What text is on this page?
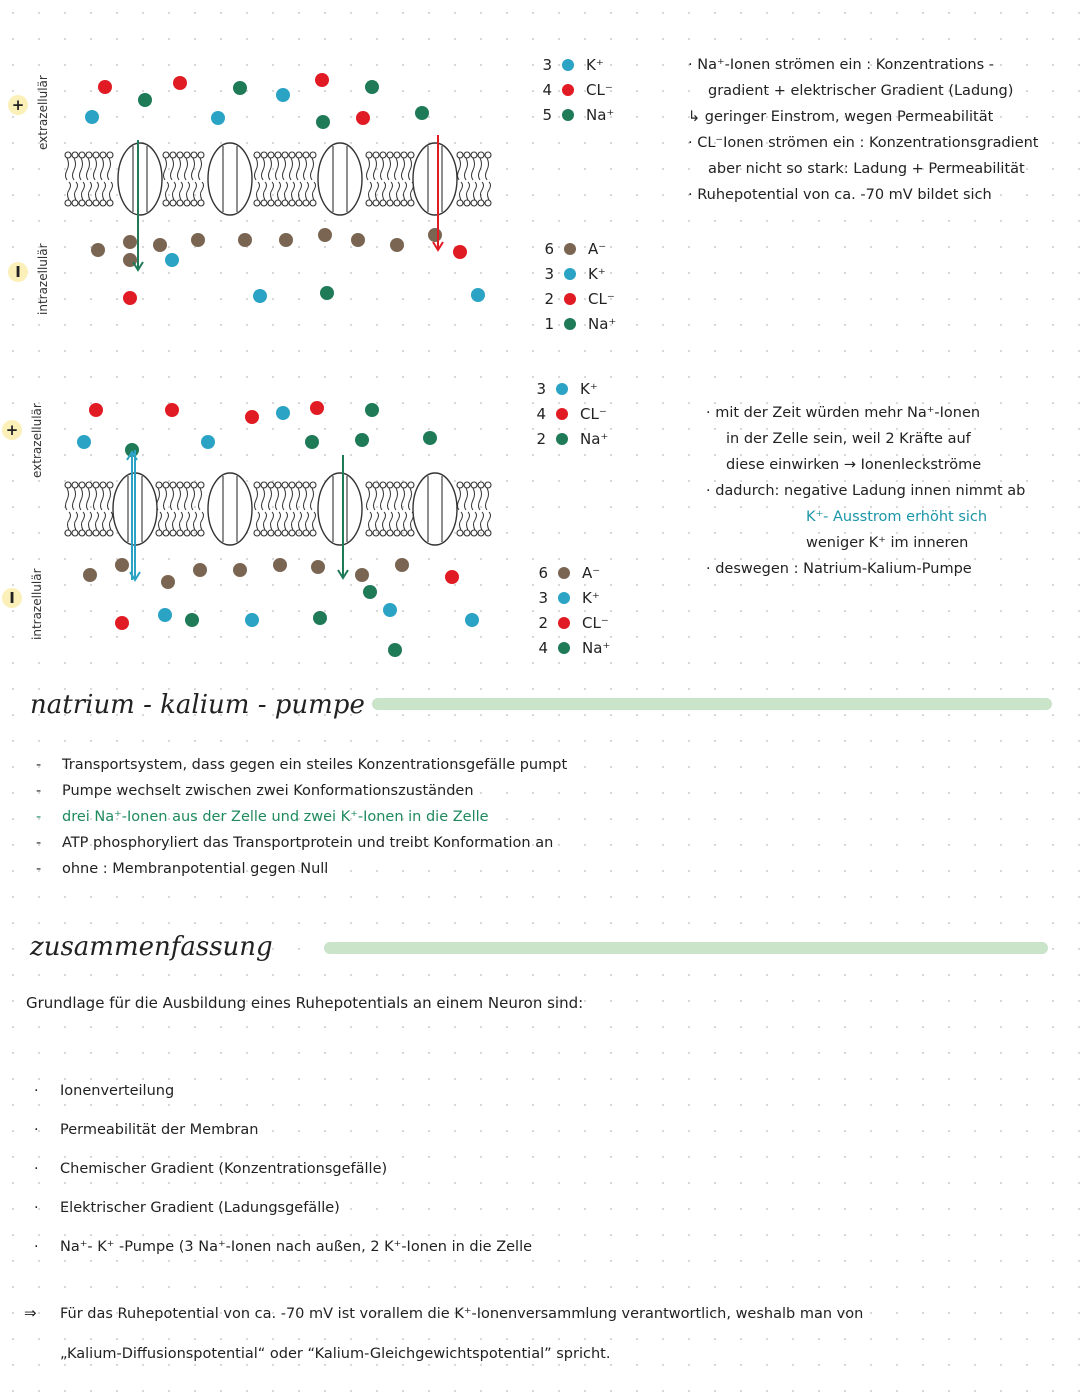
+ extrazellulär
I	intrazellulär
+ extrazellulär
I	intrazellulär
3 K⁺
4 CL⁻
5 Na⁺
6 A⁻
3 K⁺
2 CL⁻
1 Na⁺
3 K⁺
4 CL⁻
2 Na⁺
6 A⁻
3 K⁺
2 CL⁻
4 Na⁺
· Na⁺-Ionen strömen ein : Konzentrations -
gradient + elektrischer Gradient (Ladung)
↳ geringer Einstrom, wegen Permeabilität
· CL⁻Ionen strömen ein : Konzentrationsgradient
aber nicht so stark: Ladung + Permeabilität
· Ruhepotential von ca. -70 mV bildet sich
· mit der Zeit würden mehr Na⁺-Ionen
in der Zelle sein, weil 2 Kräfte auf
diese einwirken → Ionenleckströme
· dadurch: negative Ladung innen nimmt ab
K⁺- Ausstrom erhöht sich
weniger K⁺ im inneren
· deswegen : Natrium-Kalium-Pumpe
natrium - kalium - pumpe
- Transportsystem, dass gegen ein steiles Konzentrationsgefälle pumpt
- Pumpe wechselt zwischen zwei Konformationszuständen
- drei Na⁺-Ionen aus der Zelle und zwei K⁺-Ionen in die Zelle
- ATP phosphoryliert das Transportprotein und treibt Konformation an
- ohne : Membranpotential gegen Null
zusammenfassung
Grundlage für die Ausbildung eines Ruhepotentials an einem Neuron sind:
· Ionenverteilung
· Permeabilität der Membran
· Chemischer Gradient (Konzentrationsgefälle)
· Elektrischer Gradient (Ladungsgefälle)
· Na⁺- K⁺ -Pumpe (3 Na⁺-Ionen nach außen, 2 K⁺-Ionen in die Zelle
⇒ Für das Ruhepotential von ca. -70 mV ist vorallem die K⁺-Ionenversammlung verantwortlich, weshalb man von
„Kalium-Diffusionspotential“ oder “Kalium-Gleichgewichtspotential” spricht.
